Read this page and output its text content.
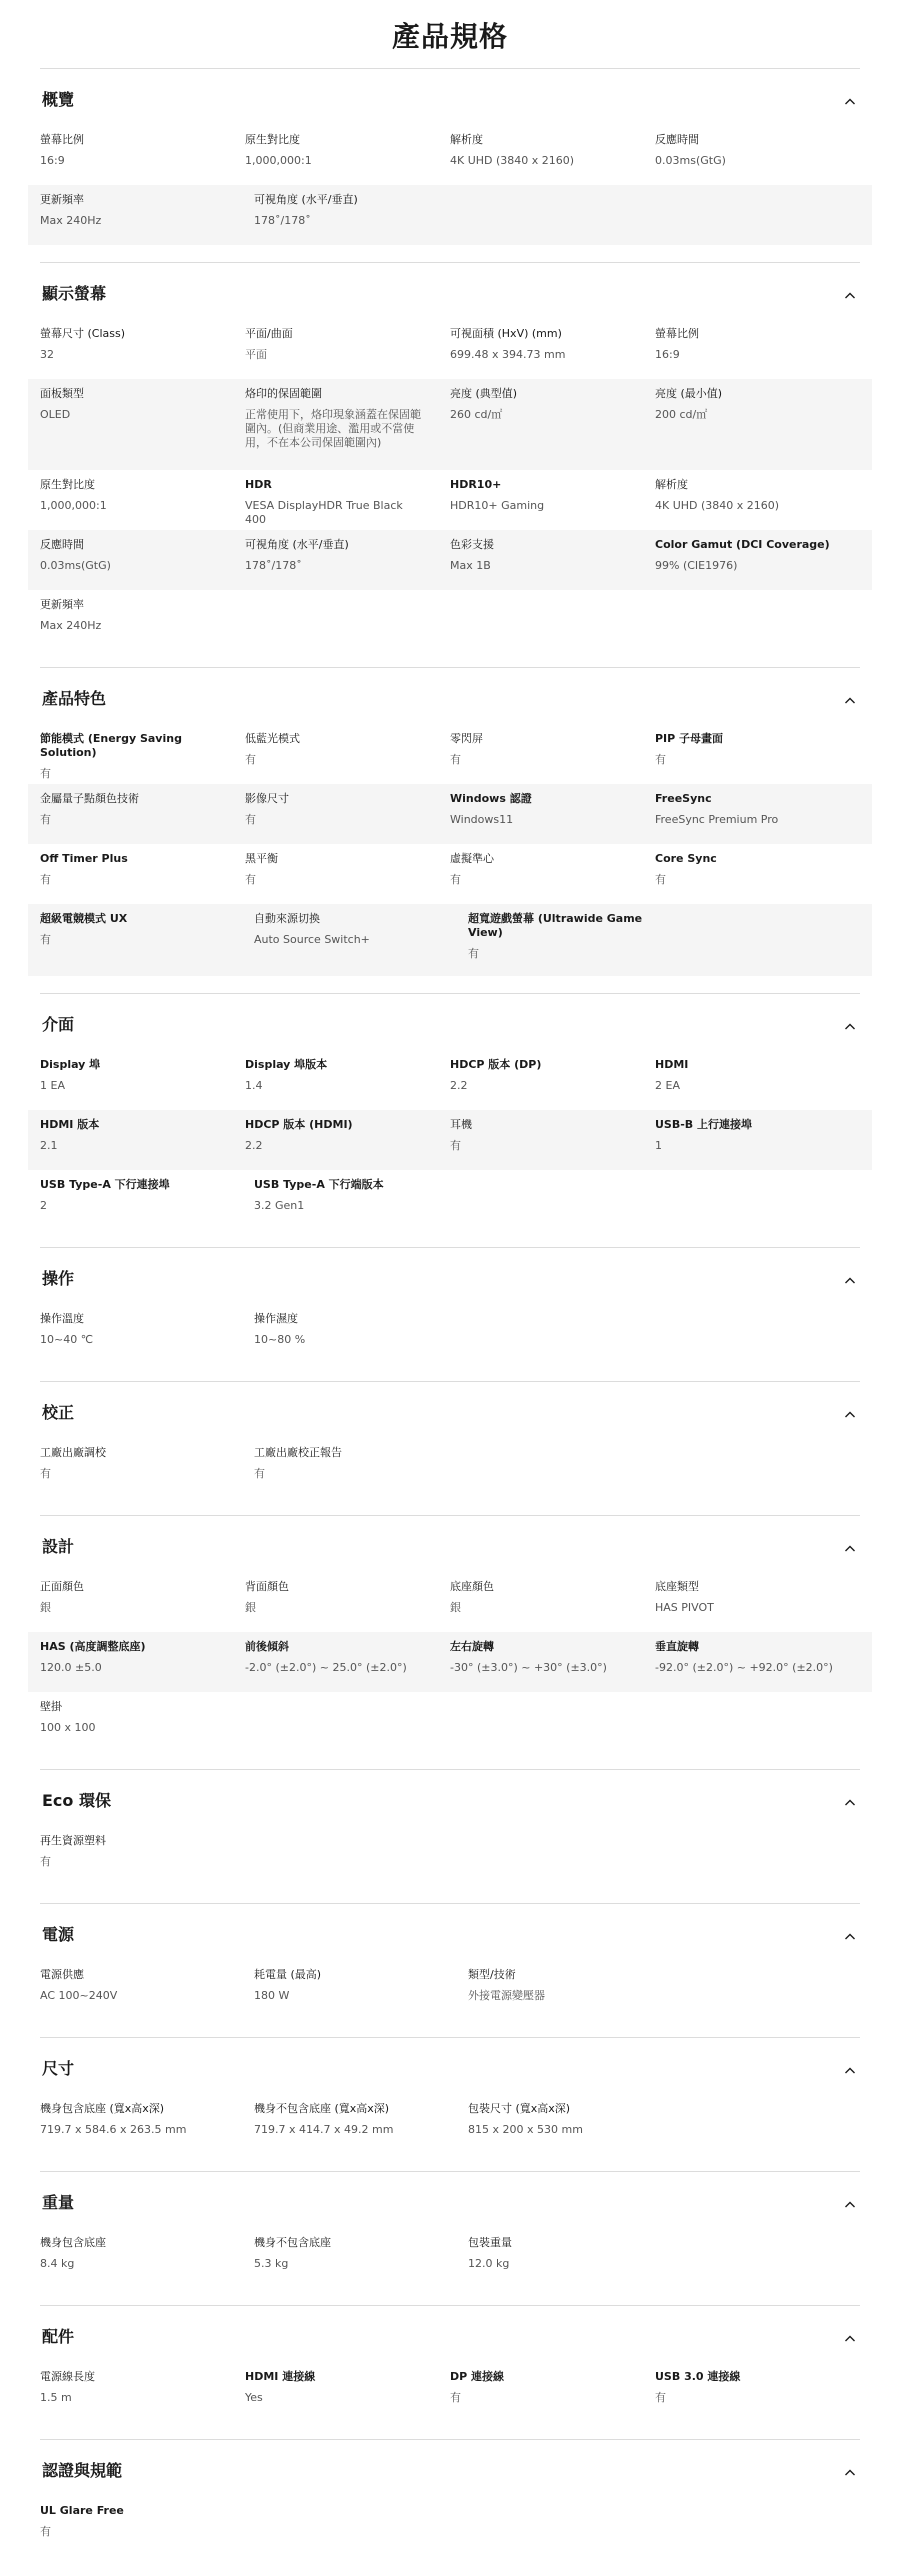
產品規格
概覽
螢幕比例
16:9
原生對比度
1,000,000:1
解析度
4K UHD (3840 x 2160)
反應時間
0.03ms(GtG)
更新頻率
Max 240Hz
可視角度 (水平/垂直)
178˚/178˚
顯示螢幕
螢幕尺寸 (Class)
32
平面/曲面
平面
可視面積 (HxV) (mm)
699.48 x 394.73 mm
螢幕比例
16:9
面板類型
OLED
烙印的保固範圍
正常使用下，烙印現象涵蓋在保固範圍內。(但商業用途、濫用或不當使用，不在本公司保固範圍內)
亮度 (典型值)
260 cd/㎡
亮度 (最小值)
200 cd/㎡
原生對比度
1,000,000:1
HDR
VESA DisplayHDR True Black 400
HDR10+
HDR10+ Gaming
解析度
4K UHD (3840 x 2160)
反應時間
0.03ms(GtG)
可視角度 (水平/垂直)
178˚/178˚
色彩支援
Max 1B
Color Gamut (DCI Coverage)
99% (CIE1976)
更新頻率
Max 240Hz
產品特色
節能模式 (Energy Saving Solution)
有
低藍光模式
有
零閃屏
有
PIP 子母畫面
有
金屬量子點顏色技術
有
影像尺寸
有
Windows 認證
Windows11
FreeSync
FreeSync Premium Pro
Off Timer Plus
有
黑平衡
有
虛擬準心
有
Core Sync
有
超級電競模式 UX
有
自動來源切換
Auto Source Switch+
超寬遊戲螢幕 (Ultrawide Game View)
有
介面
Display 埠
1 EA
Display 埠版本
1.4
HDCP 版本 (DP)
2.2
HDMI
2 EA
HDMI 版本
2.1
HDCP 版本 (HDMI)
2.2
耳機
有
USB-B 上行連接埠
1
USB Type-A 下行連接埠
2
USB Type-A 下行端版本
3.2 Gen1
操作
操作溫度
10~40 ℃
操作濕度
10~80 %
校正
工廠出廠調校
有
工廠出廠校正報告
有
設計
正面顏色
銀
背面顏色
銀
底座顏色
銀
底座類型
HAS PIVOT
HAS (高度調整底座)
120.0 ±5.0
前後傾斜
-2.0° (±2.0°) ~ 25.0° (±2.0°)
左右旋轉
-30° (±3.0°) ~ +30° (±3.0°)
垂直旋轉
-92.0° (±2.0°) ~ +92.0° (±2.0°)
壁掛
100 x 100
Eco 環保
再生資源塑料
有
電源
電源供應
AC 100~240V
耗電量 (最高)
180 W
類型/技術
外接電源變壓器
尺寸
機身包含底座 (寬x高x深)
719.7 x 584.6 x 263.5 mm
機身不包含底座 (寬x高x深)
719.7 x 414.7 x 49.2 mm
包裝尺寸 (寬x高x深)
815 x 200 x 530 mm
重量
機身包含底座
8.4 kg
機身不包含底座
5.3 kg
包裝重量
12.0 kg
配件
電源線長度
1.5 m
HDMI 連接線
Yes
DP 連接線
有
USB 3.0 連接線
有
認證與規範
UL Glare Free
有
